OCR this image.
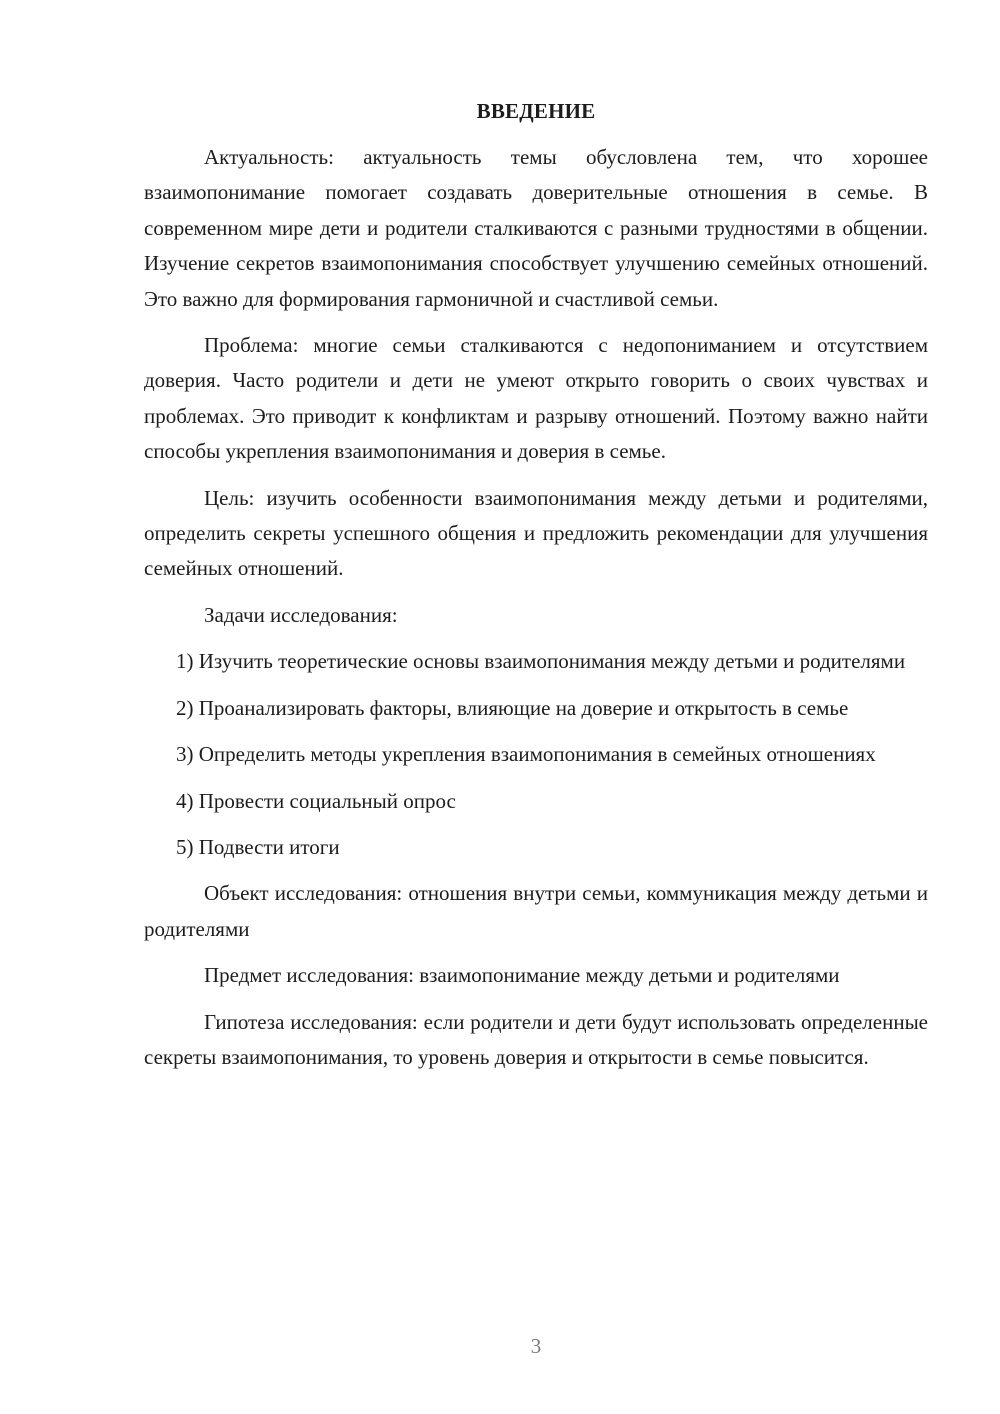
ВВЕДЕНИЕ

Актуальность: актуальность темы обусловлена тем, что хорошее взаимопонимание помогает создавать доверительные отношения в семье. В современном мире дети и родители сталкиваются с разными трудностями в общении. Изучение секретов взаимопонимания способствует улучшению семейных отношений. Это важно для формирования гармоничной и счастливой семьи.

Проблема: многие семьи сталкиваются с недопониманием и отсутствием доверия. Часто родители и дети не умеют открыто говорить о своих чувствах и проблемах. Это приводит к конфликтам и разрыву отношений. Поэтому важно найти способы укрепления взаимопонимания и доверия в семье.

Цель: изучить особенности взаимопонимания между детьми и родителями, определить секреты успешного общения и предложить рекомендации для улучшения семейных отношений.

Задачи исследования:

1) Изучить теоретические основы взаимопонимания между детьми и родителями

2) Проанализировать факторы, влияющие на доверие и открытость в семье

3) Определить методы укрепления взаимопонимания в семейных отношениях

4) Провести социальный опрос

5) Подвести итоги

Объект исследования: отношения внутри семьи, коммуникация между детьми и родителями

Предмет исследования: взаимопонимание между детьми и родителями

Гипотеза исследования: если родители и дети будут использовать определенные секреты взаимопонимания, то уровень доверия и открытости в семье повысится.

3
